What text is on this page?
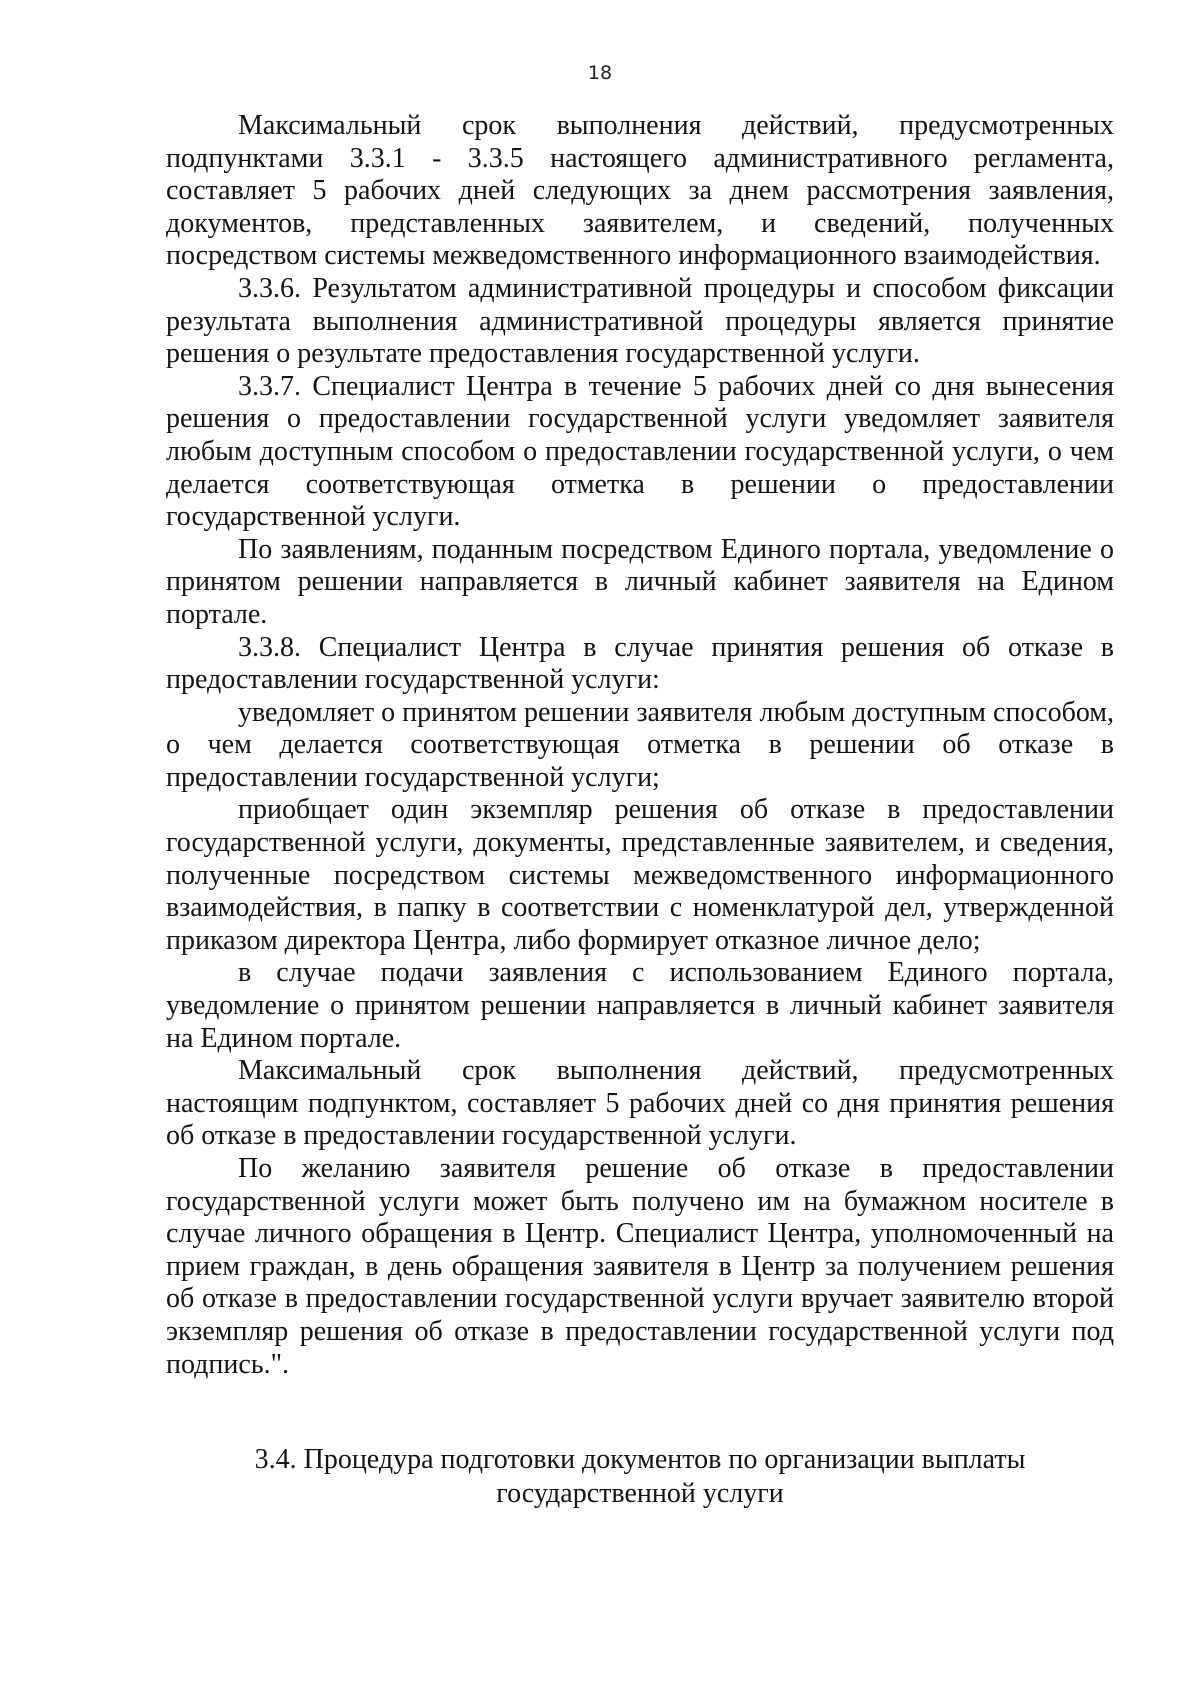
18

Максимальный срок выполнения действий, предусмотренных подпунктами 3.3.1 - 3.3.5 настоящего административного регламента, составляет 5 рабочих дней следующих за днем рассмотрения заявления, документов, представленных заявителем, и сведений, полученных посредством системы межведомственного информационного взаимодействия.

3.3.6. Результатом административной процедуры и способом фиксации результата выполнения административной процедуры является принятие решения о результате предоставления государственной услуги.

3.3.7. Специалист Центра в течение 5 рабочих дней со дня вынесения решения о предоставлении государственной услуги уведомляет заявителя любым доступным способом о предоставлении государственной услуги, о чем делается соответствующая отметка в решении о предоставлении государственной услуги.

По заявлениям, поданным посредством Единого портала, уведомление о принятом решении направляется в личный кабинет заявителя на Едином портале.

3.3.8. Специалист Центра в случае принятия решения об отказе в предоставлении государственной услуги:

уведомляет о принятом решении заявителя любым доступным способом, о чем делается соответствующая отметка в решении об отказе в предоставлении государственной услуги;

приобщает один экземпляр решения об отказе в предоставлении государственной услуги, документы, представленные заявителем, и сведения, полученные посредством системы межведомственного информационного взаимодействия, в папку в соответствии с номенклатурой дел, утвержденной приказом директора Центра, либо формирует отказное личное дело;

в случае подачи заявления с использованием Единого портала, уведомление о принятом решении направляется в личный кабинет заявителя на Едином портале.

Максимальный срок выполнения действий, предусмотренных настоящим подпунктом, составляет 5 рабочих дней со дня принятия решения об отказе в предоставлении государственной услуги.

По желанию заявителя решение об отказе в предоставлении государственной услуги может быть получено им на бумажном носителе в случае личного обращения в Центр. Специалист Центра, уполномоченный на прием граждан, в день обращения заявителя в Центр за получением решения об отказе в предоставлении государственной услуги вручает заявителю второй экземпляр решения об отказе в предоставлении государственной услуги под подпись.".

3.4. Процедура подготовки документов по организации выплаты
государственной услуги
